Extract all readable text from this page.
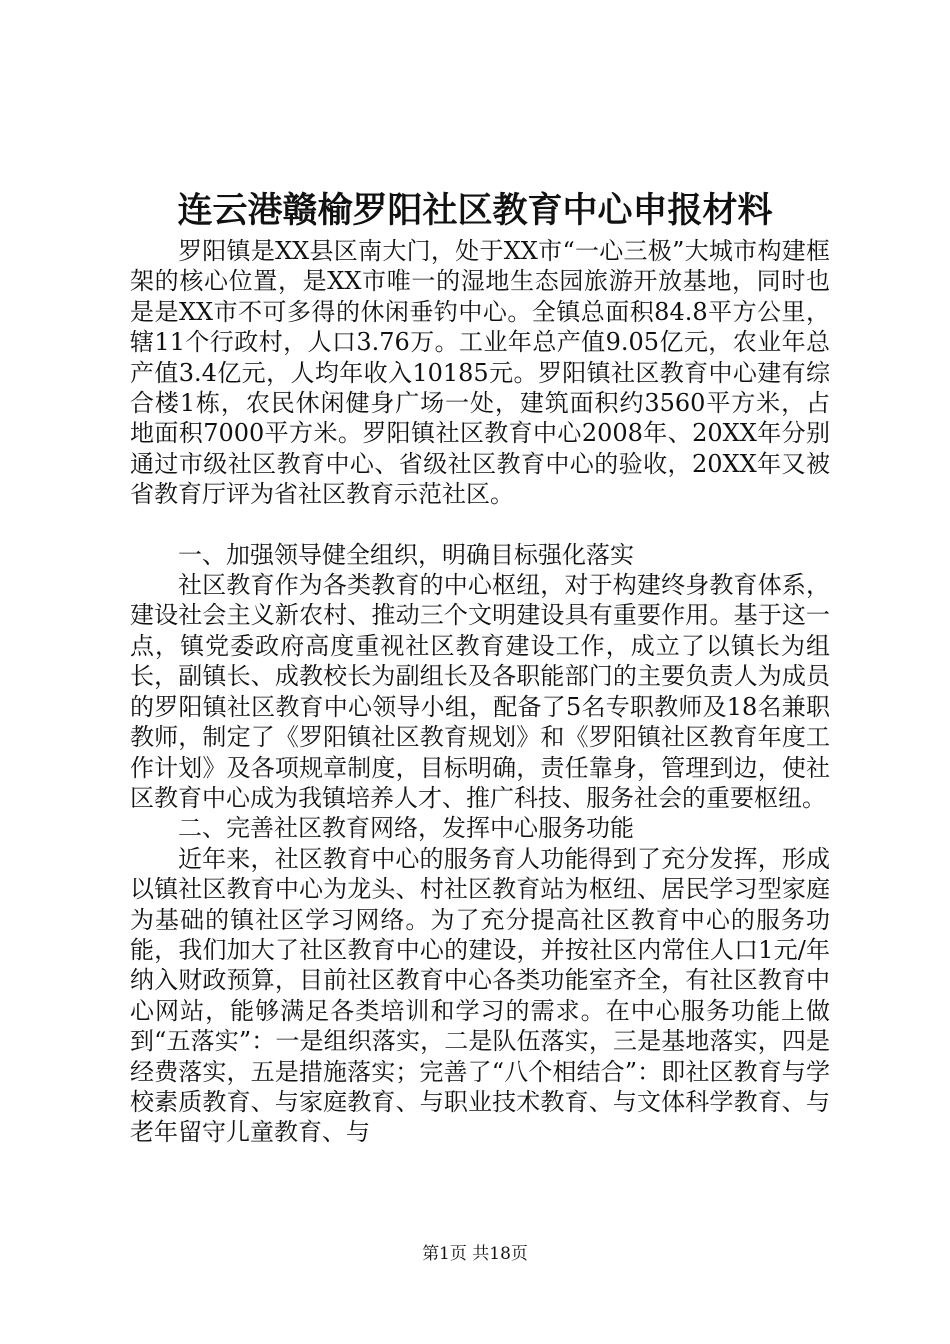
连云港赣榆罗阳社区教育中心申报材料

罗阳镇是XX县区南大门，处于XX市“一心三极”大城市构建框架的核心位置，是XX市唯一的湿地生态园旅游开放基地，同时也是是XX市不可多得的休闲垂钓中心。全镇总面积84.8平方公里，辖11个行政村，人口3.76万。工业年总产值9.05亿元，农业年总产值3.4亿元，人均年收入10185元。罗阳镇社区教育中心建有综合楼1栋，农民休闲健身广场一处，建筑面积约3560平方米，占地面积7000平方米。罗阳镇社区教育中心2008年、20XX年分别通过市级社区教育中心、省级社区教育中心的验收，20XX年又被省教育厅评为省社区教育示范社区。

一、加强领导健全组织，明确目标强化落实

社区教育作为各类教育的中心枢纽，对于构建终身教育体系，建设社会主义新农村、推动三个文明建设具有重要作用。基于这一点，镇党委政府高度重视社区教育建设工作，成立了以镇长为组长，副镇长、成教校长为副组长及各职能部门的主要负责人为成员的罗阳镇社区教育中心领导小组，配备了5名专职教师及18名兼职教师，制定了《罗阳镇社区教育规划》和《罗阳镇社区教育年度工作计划》及各项规章制度，目标明确，责任靠身，管理到边，使社区教育中心成为我镇培养人才、推广科技、服务社会的重要枢纽。

二、完善社区教育网络，发挥中心服务功能

近年来，社区教育中心的服务育人功能得到了充分发挥，形成以镇社区教育中心为龙头、村社区教育站为枢纽、居民学习型家庭为基础的镇社区学习网络。为了充分提高社区教育中心的服务功能，我们加大了社区教育中心的建设，并按社区内常住人口1元/年纳入财政预算，目前社区教育中心各类功能室齐全，有社区教育中心网站，能够满足各类培训和学习的需求。在中心服务功能上做到“五落实”：一是组织落实，二是队伍落实，三是基地落实，四是经费落实，五是措施落实；完善了“八个相结合”：即社区教育与学校素质教育、与家庭教育、与职业技术教育、与文体科学教育、与老年留守儿童教育、与

第1页 共18页
